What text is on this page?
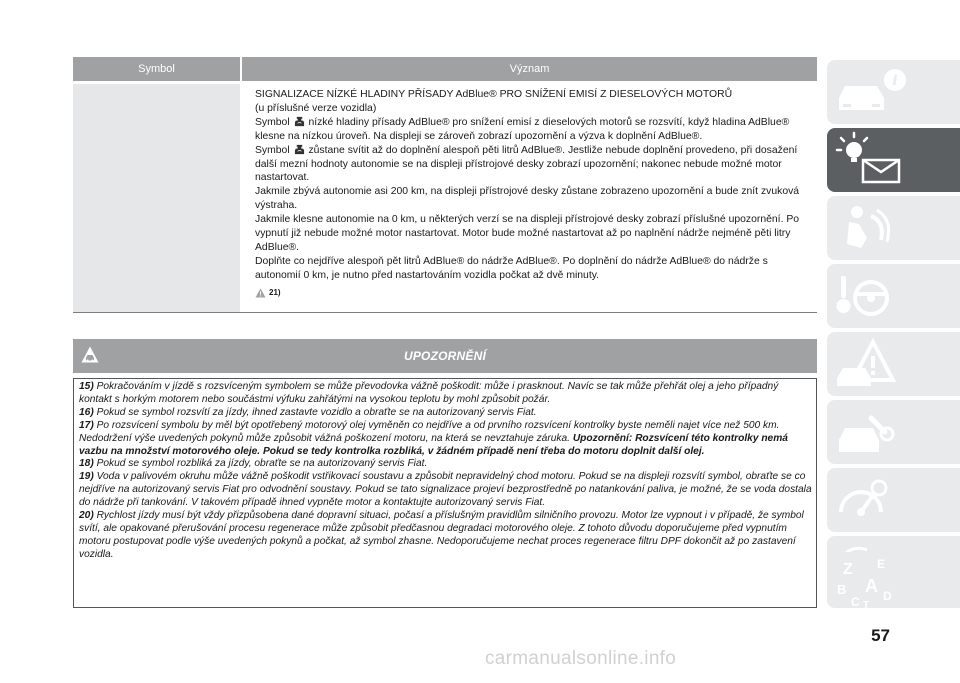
Symbol	Význam

SIGNALIZACE NÍZKÉ HLADINY PŘÍSADY AdBlue® PRO SNÍŽENÍ EMISÍ Z DIESELOVÝCH MOTORŮ

(u příslušné verze vozidla)

Symbol nízké hladiny přísady AdBlue® pro snížení emisí z dieselových motorů se rozsvítí, když hladina AdBlue® klesne na nízkou úroveň. Na displeji se zároveň zobrazí upozornění a výzva k doplnění AdBlue®.

Symbol zůstane svítit až do doplnění alespoň pěti litrů AdBlue®. Jestliže nebude doplnění provedeno, při dosažení další mezní hodnoty autonomie se na displeji přístrojové desky zobrazí upozornění; nakonec nebude možné motor nastartovat.

Jakmile zbývá autonomie asi 200 km, na displeji přístrojové desky zůstane zobrazeno upozornění a bude znít zvuková výstraha.

Jakmile klesne autonomie na 0 km, u některých verzí se na displeji přístrojové desky zobrazí příslušné upozornění. Po vypnutí již nebude možné motor nastartovat. Motor bude možné nastartovat až po naplnění nádrže nejméně pěti litry AdBlue®.

Doplňte co nejdříve alespoň pět litrů AdBlue® do nádrže AdBlue®. Po doplnění do nádrže AdBlue® do nádrže s autonomií 0 km, je nutno před nastartováním vozidla počkat až dvě minuty.

21)
UPOZORNĚNÍ

15) Pokračováním v jízdě s rozsvíceným symbolem se může převodovka vážně poškodit: může i prasknout. Navíc se tak může přehřát olej a jeho případný kontakt s horkým motorem nebo součástmi výfuku zahřátými na vysokou teplotu by mohl způsobit požár.

16) Pokud se symbol rozsvítí za jízdy, ihned zastavte vozidlo a obraťte se na autorizovaný servis Fiat.

17) Po rozsvícení symbolu by měl být opotřebený motorový olej vyměněn co nejdříve a od prvního rozsvícení kontrolky byste neměli najet více než 500 km. Nedodržení výše uvedených pokynů může způsobit vážná poškození motoru, na která se nevztahuje záruka. Upozornění: Rozsvícení této kontrolky nemá vazbu na množství motorového oleje. Pokud se tedy kontrolka rozbliká, v žádném případě není třeba do motoru doplnit další olej.

18) Pokud se symbol rozbliká za jízdy, obraťte se na autorizovaný servis Fiat.

19) Voda v palivovém okruhu může vážně poškodit vstřikovací soustavu a způsobit nepravidelný chod motoru. Pokud se na displeji rozsvítí symbol, obraťte se co nejdříve na autorizovaný servis Fiat pro odvodnění soustavy. Pokud se tato signalizace projeví bezprostředně po natankování paliva, je možné, že se voda dostala do nádrže při tankování. V takovém případě ihned vypněte motor a kontaktujte autorizovaný servis Fiat.

20) Rychlost jízdy musí být vždy přizpůsobena dané dopravní situaci, počasí a příslušným pravidlům silničního provozu. Motor lze vypnout i v případě, že symbol svítí, ale opakované přerušování procesu regenerace může způsobit předčasnou degradaci motorového oleje. Z tohoto důvodu doporučujeme před vypnutím motoru postupovat podle výše uvedených pokynů a počkat, až symbol zhasne. Nedoporučujeme nechat proces regenerace filtru DPF dokončit až po zastavení vozidla.

i
Z E
B A
C T
D
57
carmanualsonline.info
